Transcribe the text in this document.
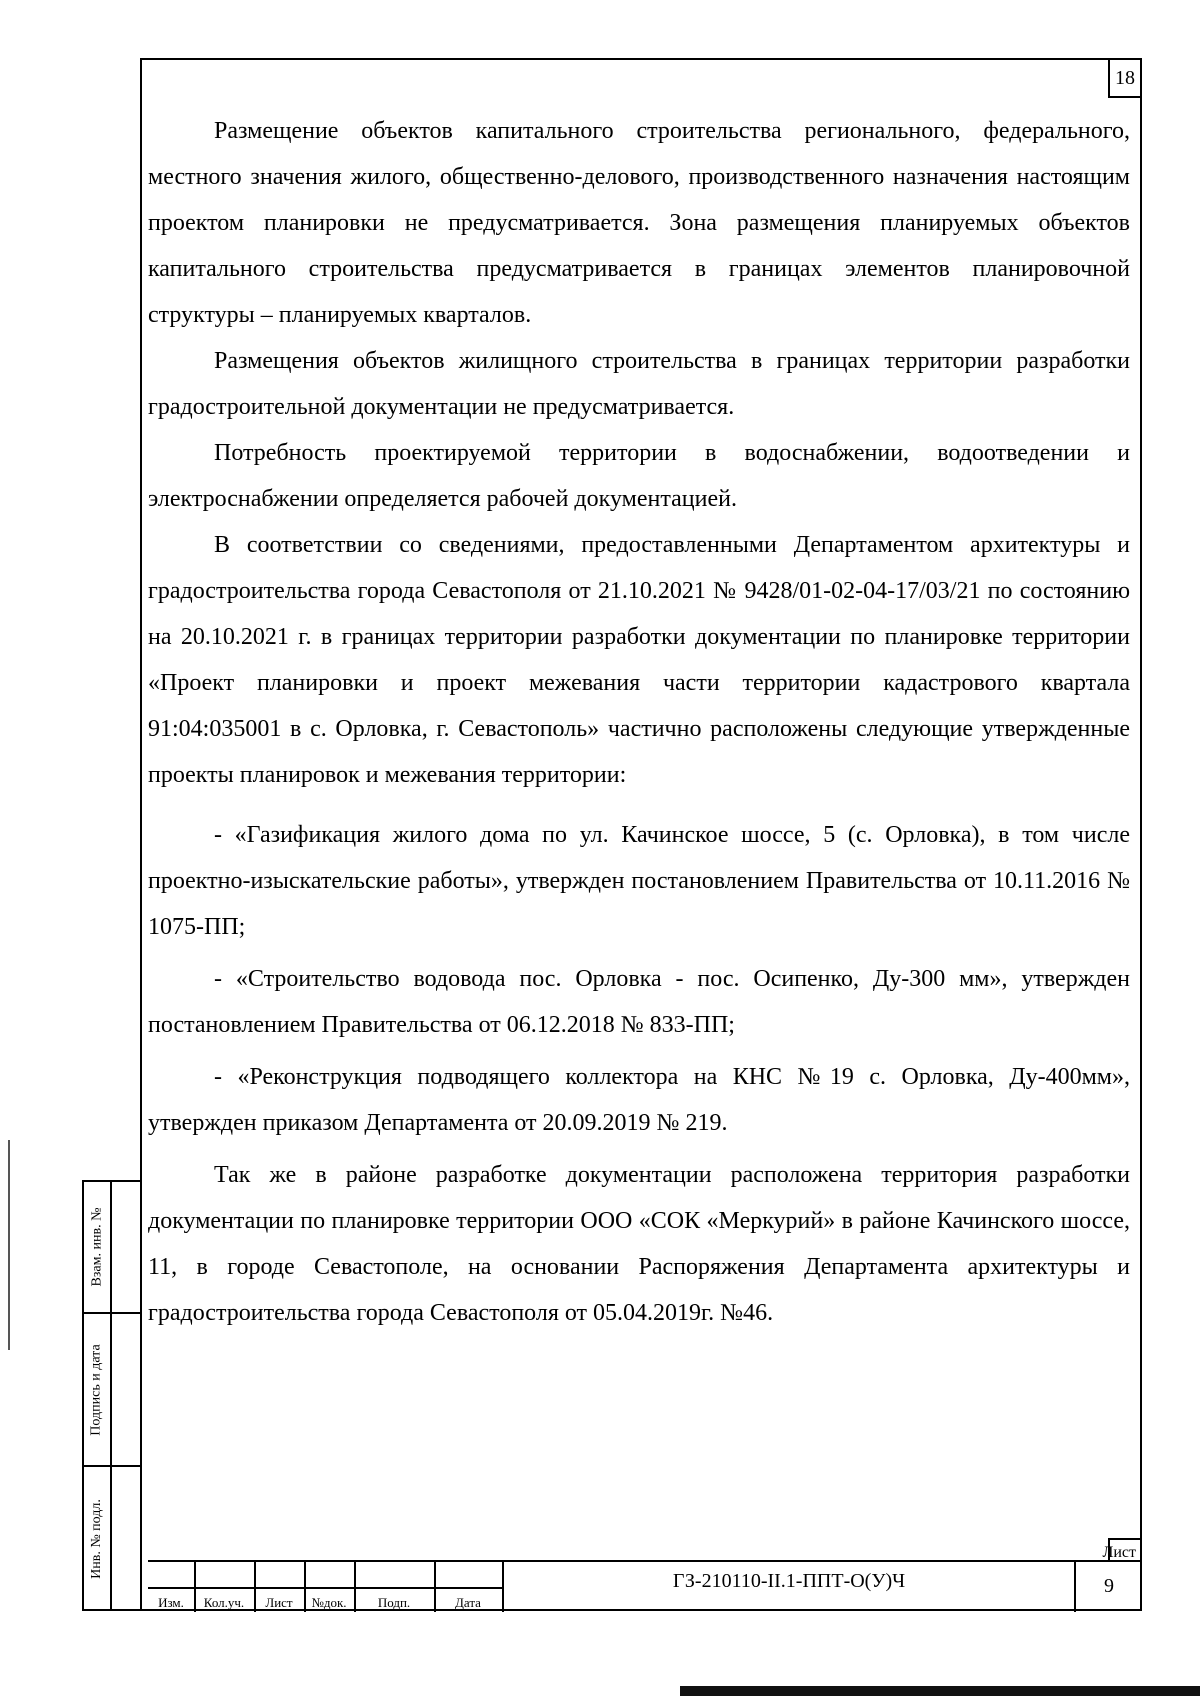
18

Размещение объектов капитального строительства регионального, федерального, местного значения жилого, общественно-делового, производственного назначения настоящим проектом планировки не предусматривается. Зона размещения планируемых объектов капитального строительства предусматривается в границах элементов планировочной структуры – планируемых кварталов.

Размещения объектов жилищного строительства в границах территории разработки градостроительной документации не предусматривается.

Потребность проектируемой территории в водоснабжении, водоотведении и электроснабжении определяется рабочей документацией.

В соответствии со сведениями, предоставленными Департаментом архитектуры и градостроительства города Севастополя от 21.10.2021 № 9428/01-02-04-17/03/21 по состоянию на 20.10.2021 г. в границах территории разработки документации по планировке территории «Проект планировки и проект межевания части территории кадастрового квартала 91:04:035001 в с. Орловка, г. Севастополь» частично расположены следующие утвержденные проекты планировок и межевания территории:

- «Газификация жилого дома по ул. Качинское шоссе, 5 (с. Орловка), в том числе проектно-изыскательские работы», утвержден постановлением Правительства от 10.11.2016 № 1075-ПП;

- «Строительство водовода пос. Орловка - пос. Осипенко, Ду-300 мм», утвержден постановлением Правительства от 06.12.2018 № 833-ПП;

- «Реконструкция подводящего коллектора на КНС №19 с. Орловка, Ду-400мм», утвержден приказом Департамента от 20.09.2019 № 219.

Так же в районе разработке документации расположена территория разработки документации по планировке территории ООО «СОК «Меркурий» в районе Качинского шоссе, 11, в городе Севастополе, на основании Распоряжения Департамента архитектуры и градостроительства города Севастополя от 05.04.2019г. №46.

Взам. инв. №
Подпись и дата
Инв. № подл.
Изм.	Кол.уч.	Лист	№док.	Подп.	Дата
ГЗ-210110-II.1-ППТ-О(У)Ч
Лист
9
